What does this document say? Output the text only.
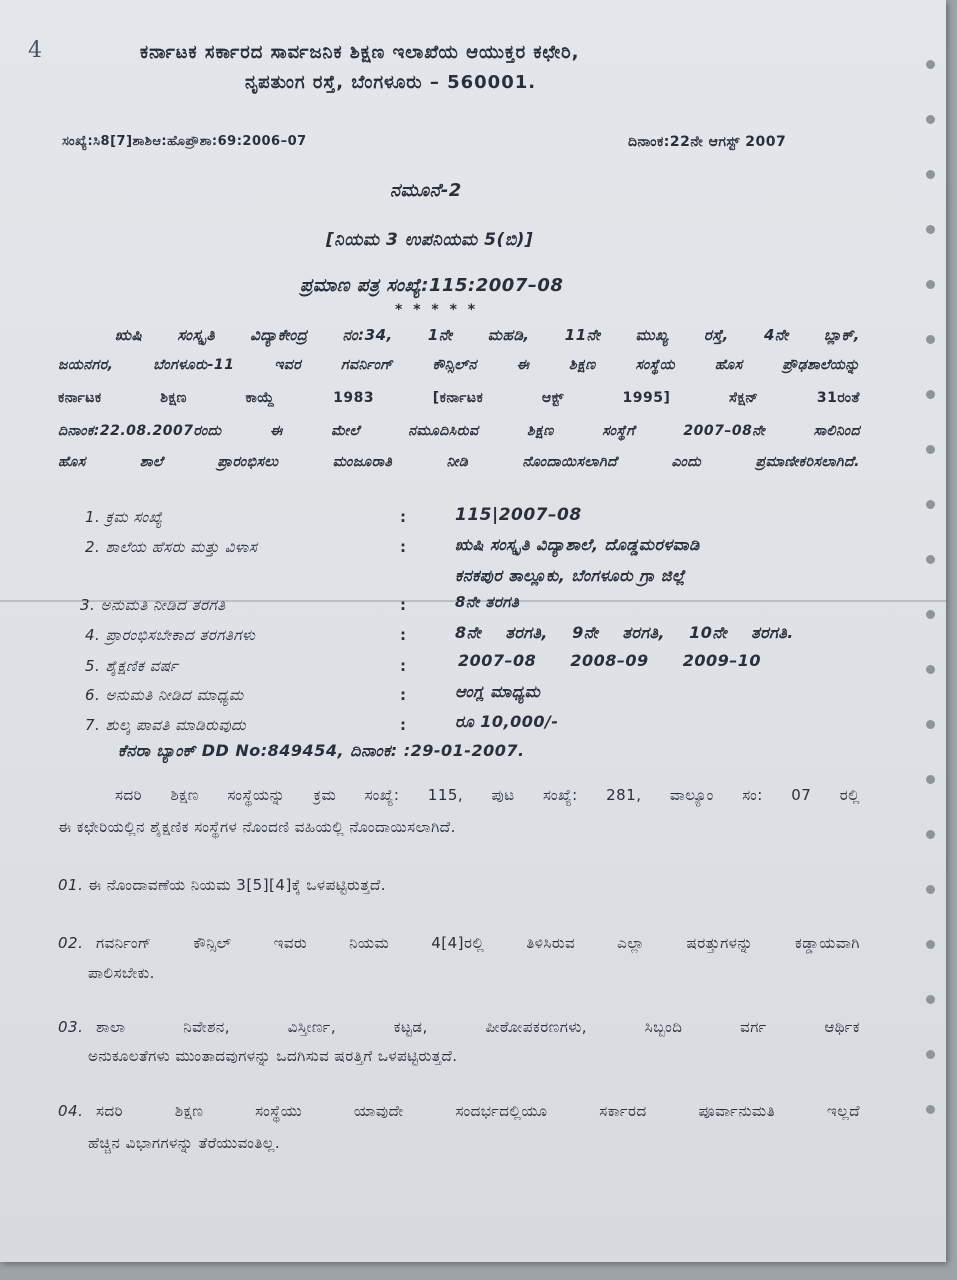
4	ಕರ್ನಾಟಕ ಸರ್ಕಾರದ ಸಾರ್ವಜನಿಕ ಶಿಕ್ಷಣ ಇಲಾಖೆಯ ಆಯುಕ್ತರ ಕಛೇರಿ,
ನೃಪತುಂಗ ರಸ್ತೆ, ಬೆಂಗಳೂರು – 560001.
ಸಂಖ್ಯೆ:ಸಿ8[7]ಶಾಶಿಆ:ಹೊಪ್ರೌಶಾ:69:2006–07	ದಿನಾಂಕ:22ನೇ ಆಗಸ್ಟ್ 2007
ನಮೂನೆ-2
[ನಿಯಮ 3 ಉಪನಿಯಮ 5(ಬಿ)]
ಪ್ರಮಾಣ ಪತ್ರ ಸಂಖ್ಯೆ:115:2007–08
* * * * *
ಋಷಿ ಸಂಸ್ಕೃತಿ ವಿದ್ಯಾಕೇಂದ್ರ ನಂ:34, 1ನೇ ಮಹಡಿ, 11ನೇ ಮುಖ್ಯ ರಸ್ತೆ, 4ನೇ ಬ್ಲಾಕ್,
ಜಯನಗರ, ಬೆಂಗಳೂರು-11 ಇವರ ಗವರ್ನಿಂಗ್ ಕೌನ್ಸಿಲ್‌ನ ಈ ಶಿಕ್ಷಣ ಸಂಸ್ಥೆಯ ಹೊಸ ಪ್ರೌಢಶಾಲೆಯನ್ನು
ಕರ್ನಾಟಕ ಶಿಕ್ಷಣ ಕಾಯ್ದೆ 1983 [ಕರ್ನಾಟಕ ಆಕ್ಟ್ 1995] ಸೆಕ್ಷನ್ 31ರಂತೆ
ದಿನಾಂಕ:22.08.2007ರಂದು ಈ ಮೇಲೆ ನಮೂದಿಸಿರುವ ಶಿಕ್ಷಣ ಸಂಸ್ಥೆಗೆ 2007–08ನೇ ಸಾಲಿನಿಂದ
ಹೊಸ ಶಾಲೆ ಪ್ರಾರಂಭಿಸಲು ಮಂಜೂರಾತಿ ನೀಡಿ ನೊಂದಾಯಿಸಲಾಗಿದೆ ಎಂದು ಪ್ರಮಾಣೀಕರಿಸಲಾಗಿದೆ.
1. ಕ್ರಮ ಸಂಖ್ಯೆ	:	115|2007–08
2. ಶಾಲೆಯ ಹೆಸರು ಮತ್ತು ವಿಳಾಸ	:	ಋಷಿ ಸಂಸ್ಕೃತಿ ವಿದ್ಯಾಶಾಲೆ, ದೊಡ್ಡಮರಳವಾಡಿ
ಕನಕಪುರ ತಾಲ್ಲೂಕು, ಬೆಂಗಳೂರು ಗ್ರಾ ಜಿಲ್ಲೆ
3. ಅನುಮತಿ ನೀಡಿದ ತರಗತಿ	:	8ನೇ ತರಗತಿ
4. ಪ್ರಾರಂಭಿಸಬೇಕಾದ ತರಗತಿಗಳು	:	8ನೇ ತರಗತಿ, 9ನೇ ತರಗತಿ, 10ನೇ ತರಗತಿ.
5. ಶೈಕ್ಷಣಿಕ ವರ್ಷ	:	2007–08 2008–09 2009–10
6. ಅನುಮತಿ ನೀಡಿದ ಮಾಧ್ಯಮ	:	ಆಂಗ್ಲ ಮಾಧ್ಯಮ
7. ಶುಲ್ಕ ಪಾವತಿ ಮಾಡಿರುವುದು	:	ರೂ 10,000/-
ಕೆನರಾ ಬ್ಯಾಂಕ್ DD No:849454, ದಿನಾಂಕ: :29-01-2007.
ಸದರಿ ಶಿಕ್ಷಣ ಸಂಸ್ಥೆಯನ್ನು ಕ್ರಮ ಸಂಖ್ಯೆ: 115, ಪುಟ ಸಂಖ್ಯೆ: 281, ವಾಲ್ಯೂಂ ಸಂ: 07 ರಲ್ಲಿ
ಈ ಕಛೇರಿಯಲ್ಲಿನ ಶೈಕ್ಷಣಿಕ ಸಂಸ್ಥೆಗಳ ನೊಂದಣಿ ವಹಿಯಲ್ಲಿ ನೊಂದಾಯಿಸಲಾಗಿದೆ.
01. ಈ ನೊಂದಾವಣೆಯ ನಿಯಮ 3[5][4]ಕ್ಕೆ ಒಳಪಟ್ಟಿರುತ್ತದೆ.
02. ಗವರ್ನಿಂಗ್ ಕೌನ್ಸಿಲ್ ಇವರು ನಿಯಮ 4[4]ರಲ್ಲಿ ತಿಳಿಸಿರುವ ಎಲ್ಲಾ ಷರತ್ತುಗಳನ್ನು ಕಡ್ಡಾಯವಾಗಿ
ಪಾಲಿಸಬೇಕು.
03. ಶಾಲಾ ನಿವೇಶನ, ವಿಸ್ತೀರ್ಣ, ಕಟ್ಟಡ, ಪೀಠೋಪಕರಣಗಳು, ಸಿಬ್ಬಂದಿ ವರ್ಗ ಆರ್ಥಿಕ
ಅನುಕೂಲತೆಗಳು ಮುಂತಾದವುಗಳನ್ನು ಒದಗಿಸುವ ಷರತ್ತಿಗೆ ಒಳಪಟ್ಟಿರುತ್ತದೆ.
04. ಸದರಿ ಶಿಕ್ಷಣ ಸಂಸ್ಥೆಯು ಯಾವುದೇ ಸಂದರ್ಭದಲ್ಲಿಯೂ ಸರ್ಕಾರದ ಪೂರ್ವಾನುಮತಿ ಇಲ್ಲದೆ
ಹೆಚ್ಚಿನ ವಿಭಾಗಗಳನ್ನು ತೆರೆಯುವಂತಿಲ್ಲ.
